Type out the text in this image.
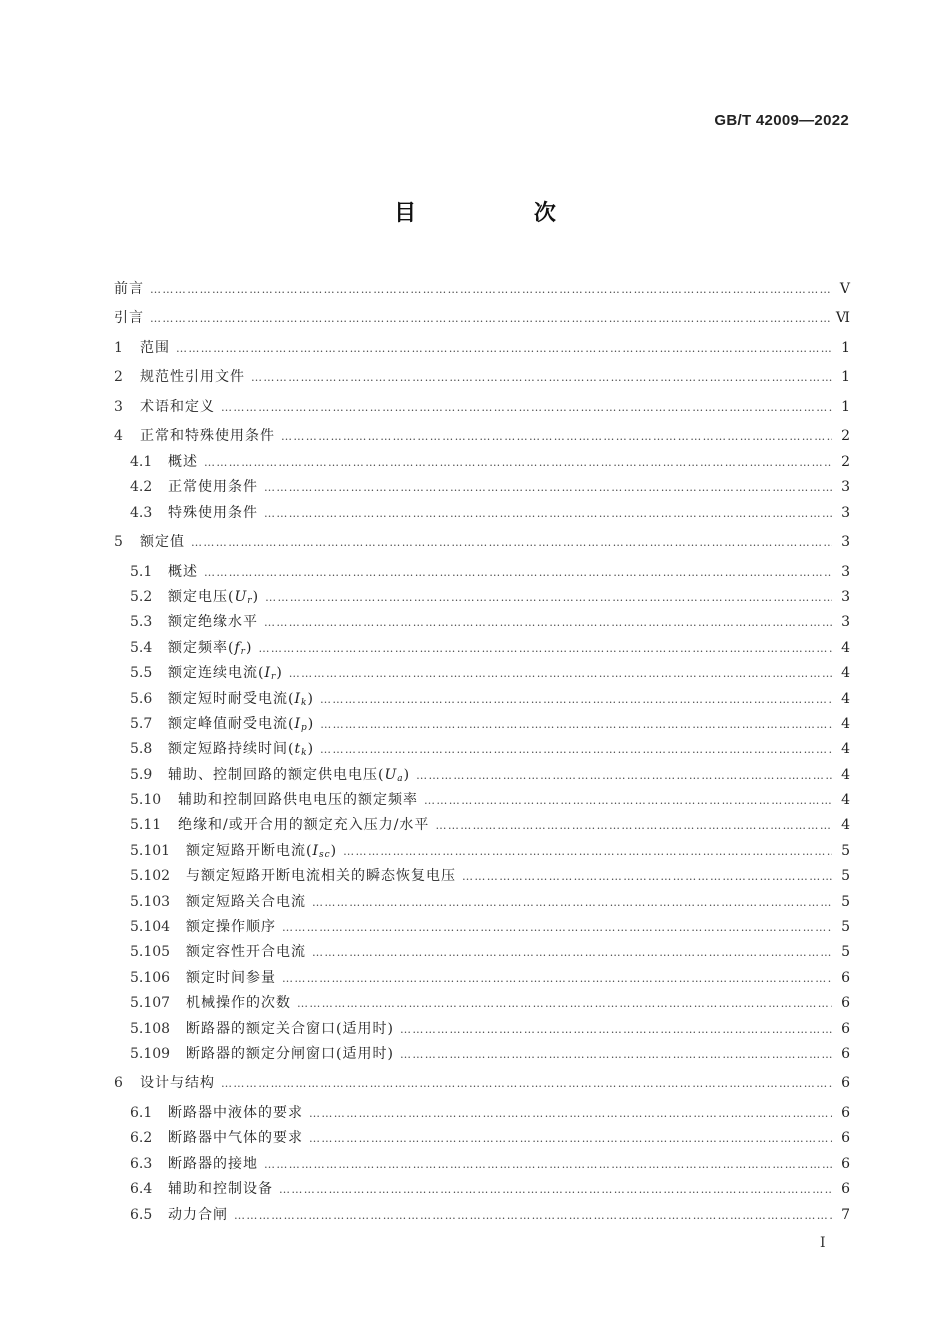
GB/T 42009—2022
目 次
前言 ……………………………………………………………………………………………………………………………………………………………………………………………	Ⅴ
引言 ……………………………………………………………………………………………………………………………………………………………………………………………	Ⅵ
1	范围 ……………………………………………………………………………………………………………………………………………………………………………………………	1
2	规范性引用文件 ……………………………………………………………………………………………………………………………………………………………………………………………	1
3	术语和定义 ……………………………………………………………………………………………………………………………………………………………………………………………	1
4	正常和特殊使用条件 ……………………………………………………………………………………………………………………………………………………………………………………………	2
4.1	概述 ……………………………………………………………………………………………………………………………………………………………………………………………	2
4.2	正常使用条件 ……………………………………………………………………………………………………………………………………………………………………………………………	3
4.3	特殊使用条件 ……………………………………………………………………………………………………………………………………………………………………………………………	3
5	额定值 ……………………………………………………………………………………………………………………………………………………………………………………………	3
5.1	概述 ……………………………………………………………………………………………………………………………………………………………………………………………	3
5.2	额定电压(Ur) ……………………………………………………………………………………………………………………………………………………………………………………………	3
5.3	额定绝缘水平 ……………………………………………………………………………………………………………………………………………………………………………………………	3
5.4	额定频率(fr) ……………………………………………………………………………………………………………………………………………………………………………………………	4
5.5	额定连续电流(Ir) ……………………………………………………………………………………………………………………………………………………………………………………………	4
5.6	额定短时耐受电流(Ik) ……………………………………………………………………………………………………………………………………………………………………………………………	4
5.7	额定峰值耐受电流(Ip) ……………………………………………………………………………………………………………………………………………………………………………………………	4
5.8	额定短路持续时间(tk) ……………………………………………………………………………………………………………………………………………………………………………………………	4
5.9	辅助、控制回路的额定供电电压(Ua) ……………………………………………………………………………………………………………………………………………………………………………………………	4
5.10	辅助和控制回路供电电压的额定频率 ……………………………………………………………………………………………………………………………………………………………………………………………	4
5.11	绝缘和/或开合用的额定充入压力/水平 ……………………………………………………………………………………………………………………………………………………………………………………………	4
5.101	额定短路开断电流(Isc) ……………………………………………………………………………………………………………………………………………………………………………………………	5
5.102	与额定短路开断电流相关的瞬态恢复电压 ……………………………………………………………………………………………………………………………………………………………………………………………	5
5.103	额定短路关合电流 ……………………………………………………………………………………………………………………………………………………………………………………………	5
5.104	额定操作顺序 ……………………………………………………………………………………………………………………………………………………………………………………………	5
5.105	额定容性开合电流 ……………………………………………………………………………………………………………………………………………………………………………………………	5
5.106	额定时间参量 ……………………………………………………………………………………………………………………………………………………………………………………………	6
5.107	机械操作的次数 ……………………………………………………………………………………………………………………………………………………………………………………………	6
5.108	断路器的额定关合窗口(适用时) ……………………………………………………………………………………………………………………………………………………………………………………………	6
5.109	断路器的额定分闸窗口(适用时) ……………………………………………………………………………………………………………………………………………………………………………………………	6
6	设计与结构 ……………………………………………………………………………………………………………………………………………………………………………………………	6
6.1	断路器中液体的要求 ……………………………………………………………………………………………………………………………………………………………………………………………	6
6.2	断路器中气体的要求 ……………………………………………………………………………………………………………………………………………………………………………………………	6
6.3	断路器的接地 ……………………………………………………………………………………………………………………………………………………………………………………………	6
6.4	辅助和控制设备 ……………………………………………………………………………………………………………………………………………………………………………………………	6
6.5	动力合闸 ……………………………………………………………………………………………………………………………………………………………………………………………	7
Ⅰ
